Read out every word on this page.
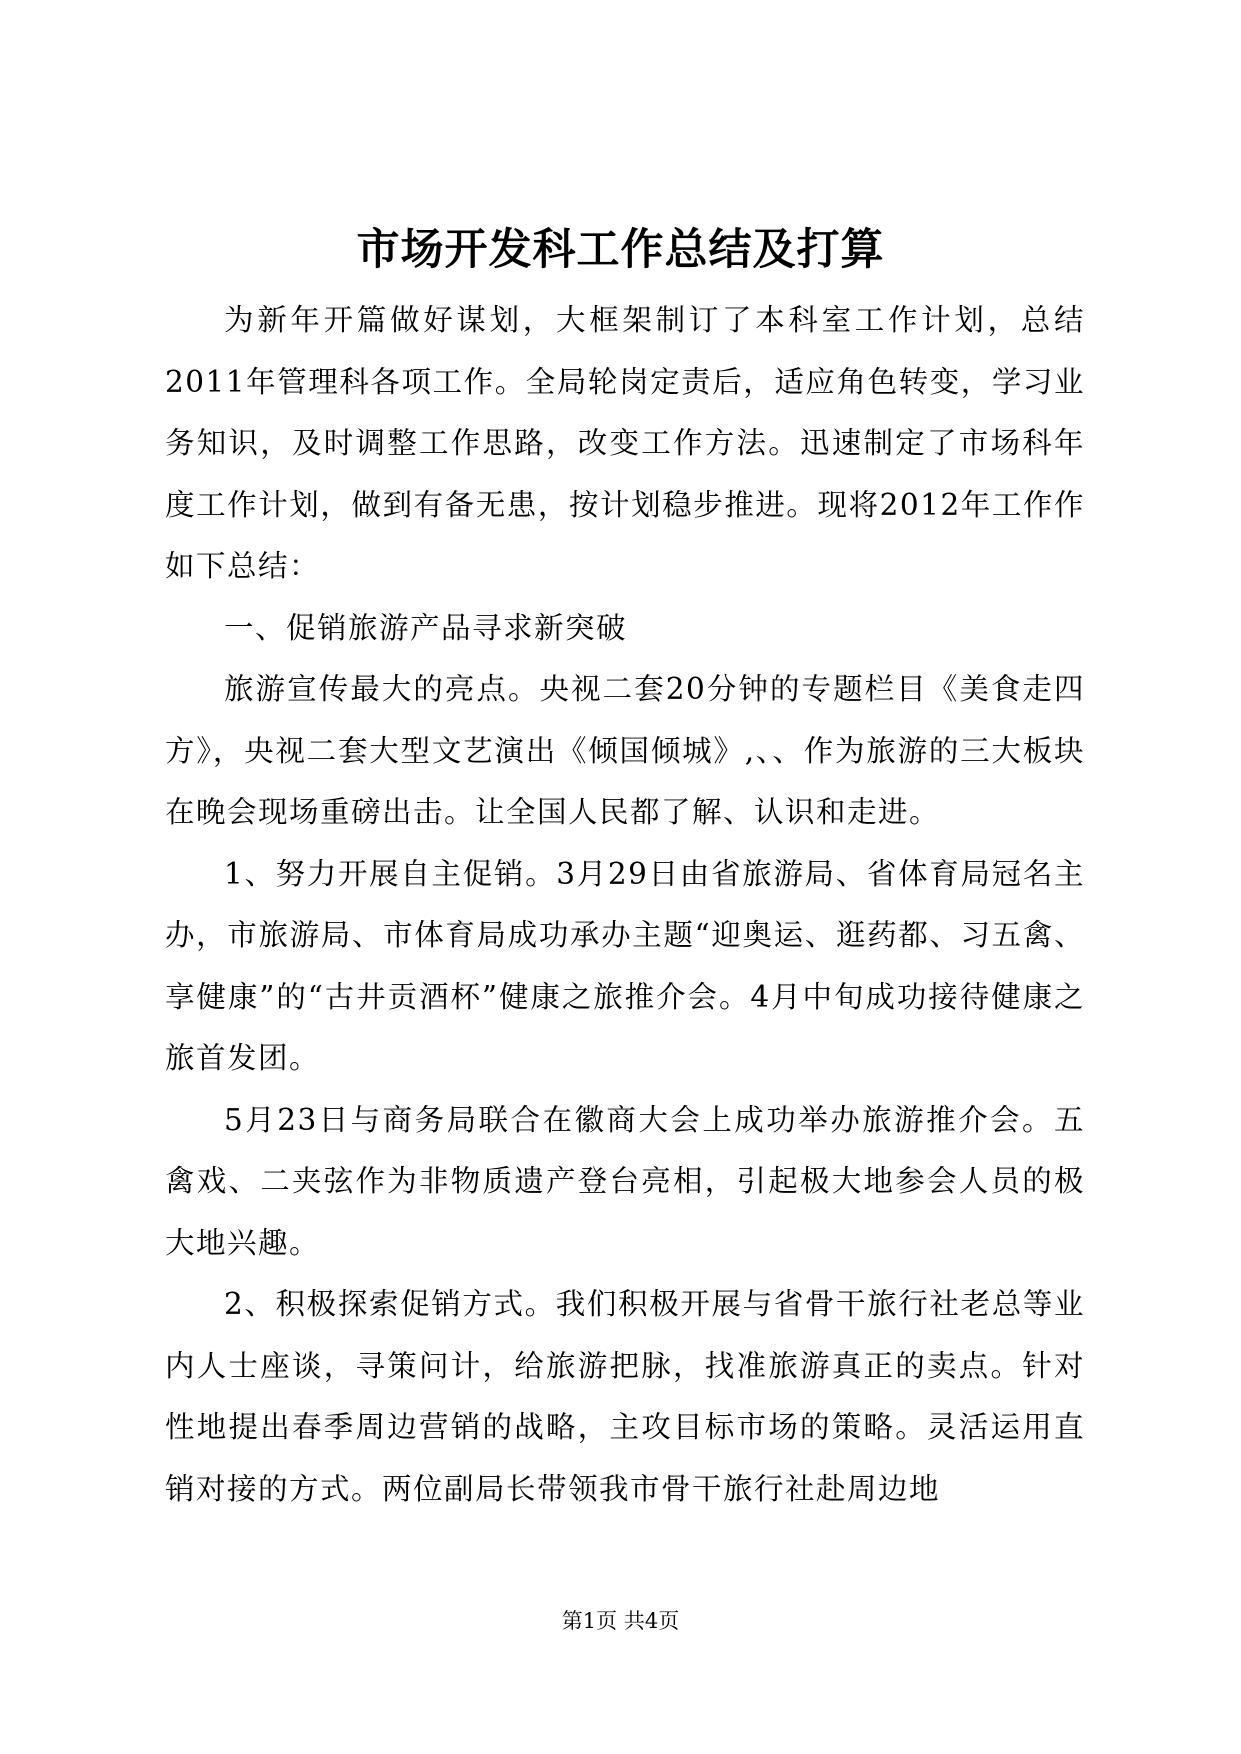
市场开发科工作总结及打算

为新年开篇做好谋划，大框架制订了本科室工作计划，总结2011年管理科各项工作。全局轮岗定责后，适应角色转变，学习业务知识，及时调整工作思路，改变工作方法。迅速制定了市场科年度工作计划，做到有备无患，按计划稳步推进。现将2012年工作作如下总结：

一、促销旅游产品寻求新突破

旅游宣传最大的亮点。央视二套20分钟的专题栏目《美食走四方》，央视二套大型文艺演出《倾国倾城》,、、作为旅游的三大板块在晚会现场重磅出击。让全国人民都了解、认识和走进。

1、努力开展自主促销。3月29日由省旅游局、省体育局冠名主办，市旅游局、市体育局成功承办主题“迎奥运、逛药都、习五禽、享健康”的“古井贡酒杯”健康之旅推介会。4月中旬成功接待健康之旅首发团。

5月23日与商务局联合在徽商大会上成功举办旅游推介会。五禽戏、二夹弦作为非物质遗产登台亮相，引起极大地参会人员的极大地兴趣。

2、积极探索促销方式。我们积极开展与省骨干旅行社老总等业内人士座谈，寻策问计，给旅游把脉，找准旅游真正的卖点。针对性地提出春季周边营销的战略，主攻目标市场的策略。灵活运用直销对接的方式。两位副局长带领我市骨干旅行社赴周边地

第1页 共4页
